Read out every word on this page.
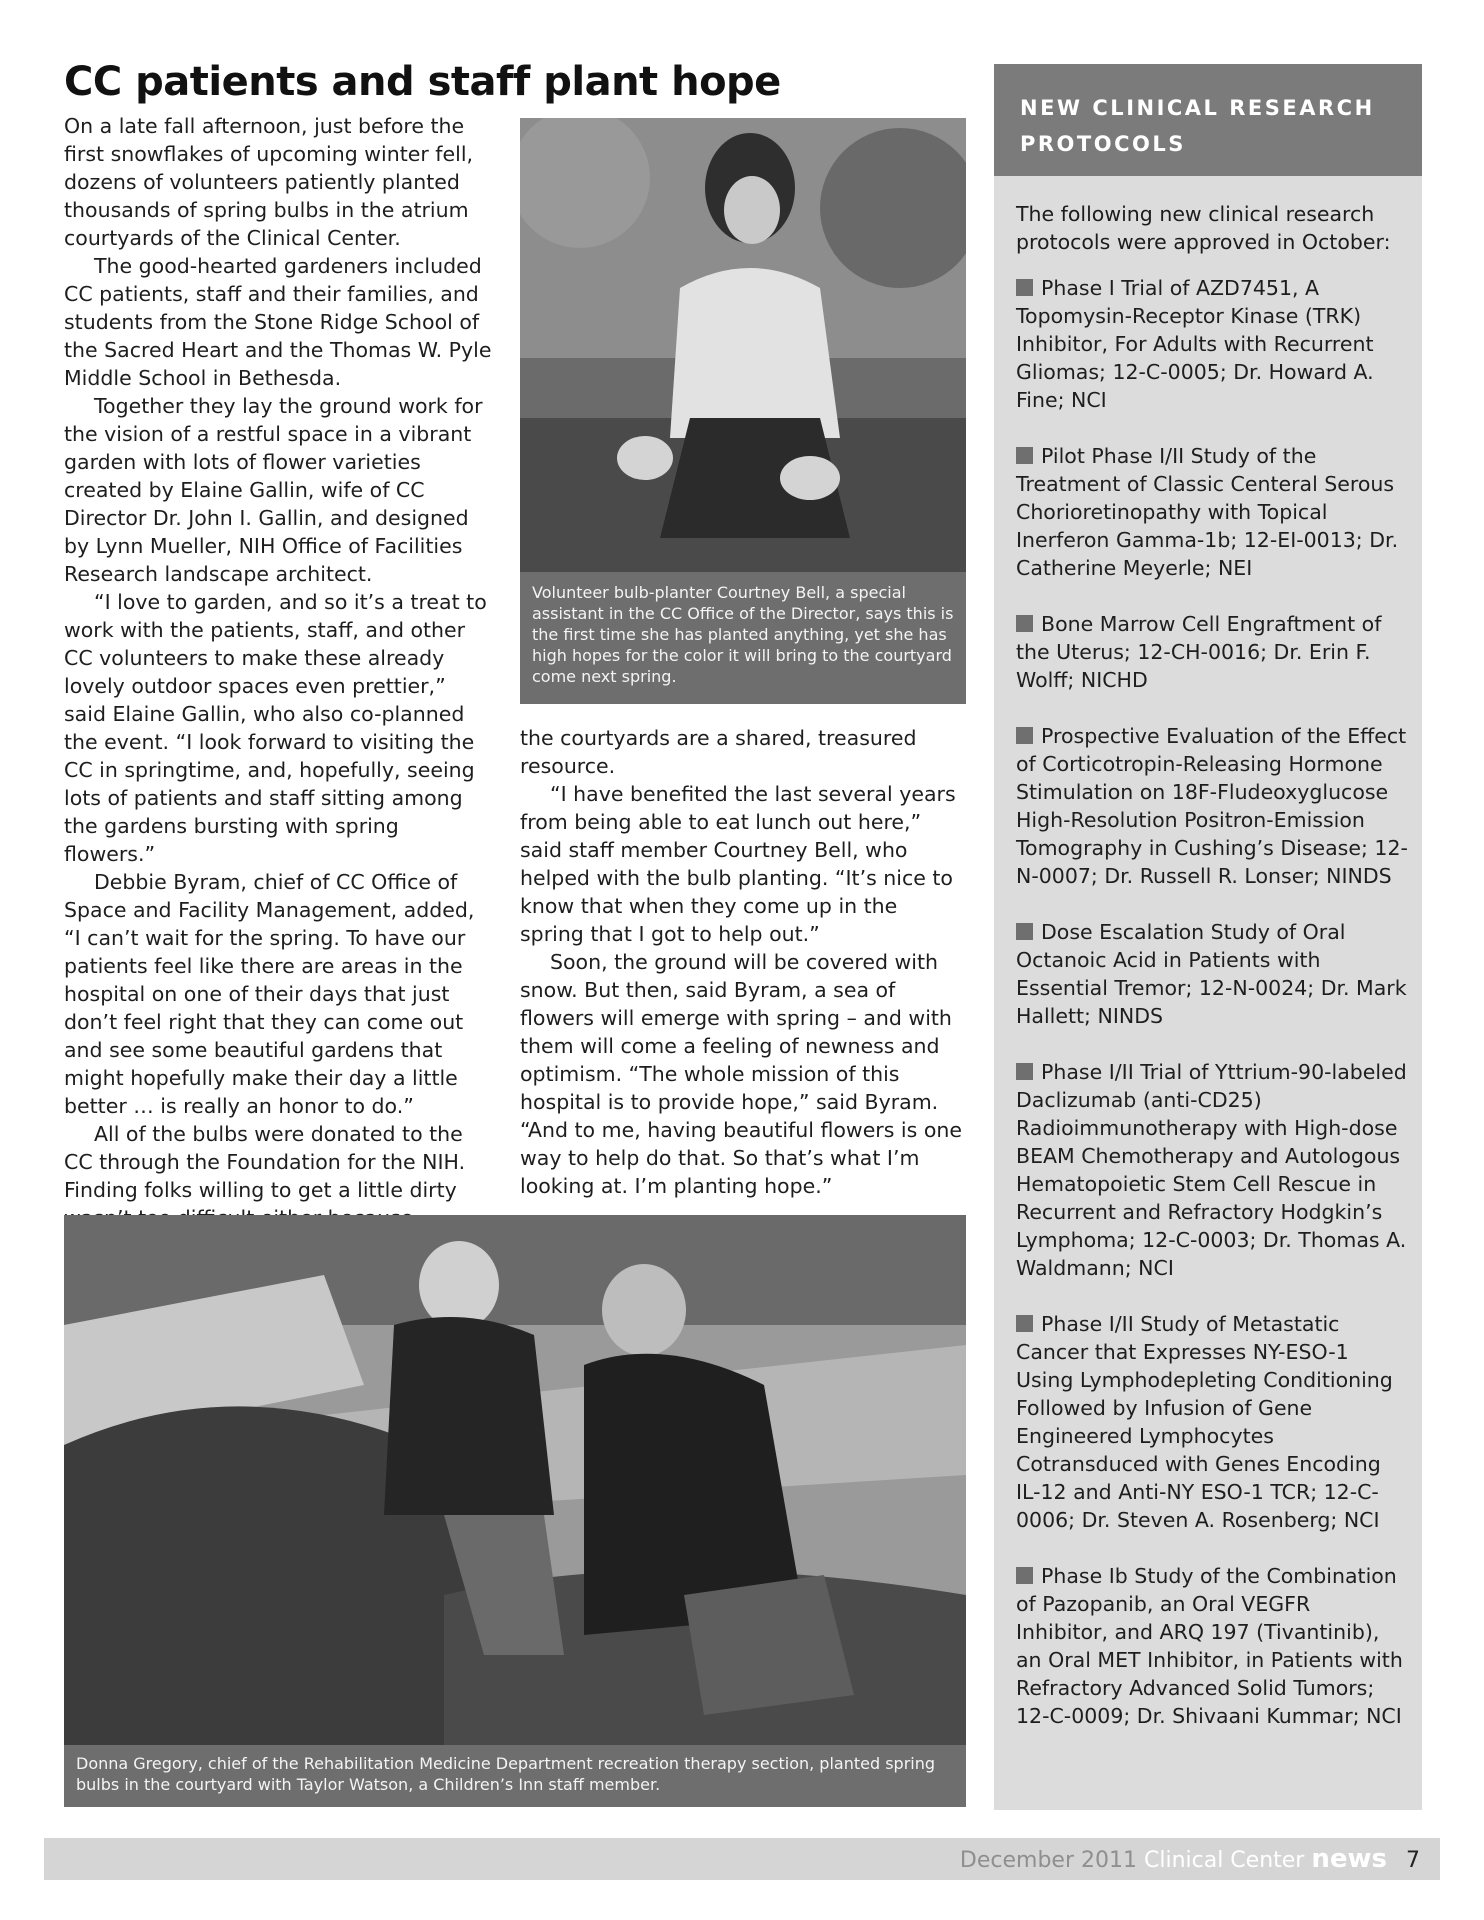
CC patients and staff plant hope

On a late fall afternoon, just before the first snowflakes of upcoming winter fell, dozens of volunteers patiently planted thousands of spring bulbs in the atrium courtyards of the Clinical Center.

The good-hearted gardeners included CC patients, staff and their families, and students from the Stone Ridge School of the Sacred Heart and the Thomas W. Pyle Middle School in Bethesda.

Together they lay the ground work for the vision of a restful space in a vibrant garden with lots of flower varieties created by Elaine Gallin, wife of CC Director Dr. John I. Gallin, and designed by Lynn Mueller, NIH Office of Facilities Research landscape architect.

“I love to garden, and so it’s a treat to work with the patients, staff, and other CC volunteers to make these already lovely outdoor spaces even prettier,” said Elaine Gallin, who also co-planned the event. “I look forward to visiting the CC in springtime, and, hopefully, seeing lots of patients and staff sitting among the gardens bursting with spring flowers.”

Debbie Byram, chief of CC Office of Space and Facility Management, added, “I can’t wait for the spring. To have our patients feel like there are areas in the hospital on one of their days that just don’t feel right that they can come out and see some beautiful gardens that might hopefully make their day a little better … is really an honor to do.”

All of the bulbs were donated to the CC through the Foundation for the NIH. Finding folks willing to get a little dirty

Volunteer bulb-planter Courtney Bell, a special assistant in the CC Office of the Director, says this is the first time she has planted anything, yet she has high hopes for the color it will bring to the courtyard come next spring.

the courtyards are a shared, treasured resource.

“I have benefited the last several years from being able to eat lunch out here,” said staff member Courtney Bell, who helped with the bulb planting. “It’s nice to know that when they come up in the spring that I got to help out.”

Soon, the ground will be covered with snow. But then, said Byram, a sea of flowers will emerge with spring – and with them will come a feeling of newness and optimism. “The whole mission of this hospital is to provide hope,” said Byram. “And to me, having beautiful flowers is one way to help do that. So that’s what I’m looking at. I’m planting hope.”

Donna Gregory, chief of the Rehabilitation Medicine Department recreation therapy section, planted spring bulbs in the courtyard with Taylor Watson, a Children’s Inn staff member.
NEW CLINICAL RESEARCH PROTOCOLS

The following new clinical research protocols were approved in October:

Phase I Trial of AZD7451, A Topomysin-Receptor Kinase (TRK) Inhibitor, For Adults with Recurrent Gliomas; 12-C-0005; Dr. Howard A. Fine; NCI
Pilot Phase I/II Study of the Treatment of Classic Centeral Serous Chorioretinopathy with Topical Inerferon Gamma-1b; 12-EI-0013; Dr. Catherine Meyerle; NEI
Bone Marrow Cell Engraftment of the Uterus; 12-CH-0016; Dr. Erin F. Wolff; NICHD
Prospective Evaluation of the Effect of Corticotropin-Releasing Hormone Stimulation on 18F-Fludeoxyglucose High-Resolution Positron-Emission Tomography in Cushing’s Disease; 12-N-0007; Dr. Russell R. Lonser; NINDS
Dose Escalation Study of Oral Octanoic Acid in Patients with Essential Tremor; 12-N-0024; Dr. Mark Hallett; NINDS
Phase I/II Trial of Yttrium-90-labeled Daclizumab (anti-CD25) Radioimmunotherapy with High-dose BEAM Chemotherapy and Autologous Hematopoietic Stem Cell Rescue in Recurrent and Refractory Hodgkin’s Lymphoma; 12-C-0003; Dr. Thomas A. Waldmann; NCI
Phase I/II Study of Metastatic Cancer that Expresses NY-ESO-1 Using Lymphodepleting Conditioning Followed by Infusion of Gene Engineered Lymphocytes Cotransduced with Genes Encoding IL-12 and Anti-NY ESO-1 TCR; 12-C-0006; Dr. Steven A. Rosenberg; NCI
Phase Ib Study of the Combination of Pazopanib, an Oral VEGFR Inhibitor, and ARQ 197 (Tivantinib), an Oral MET Inhibitor, in Patients with Refractory Advanced Solid Tumors; 12-C-0009; Dr. Shivaani Kummar; NCI
December 2011 Clinical Center news 7
